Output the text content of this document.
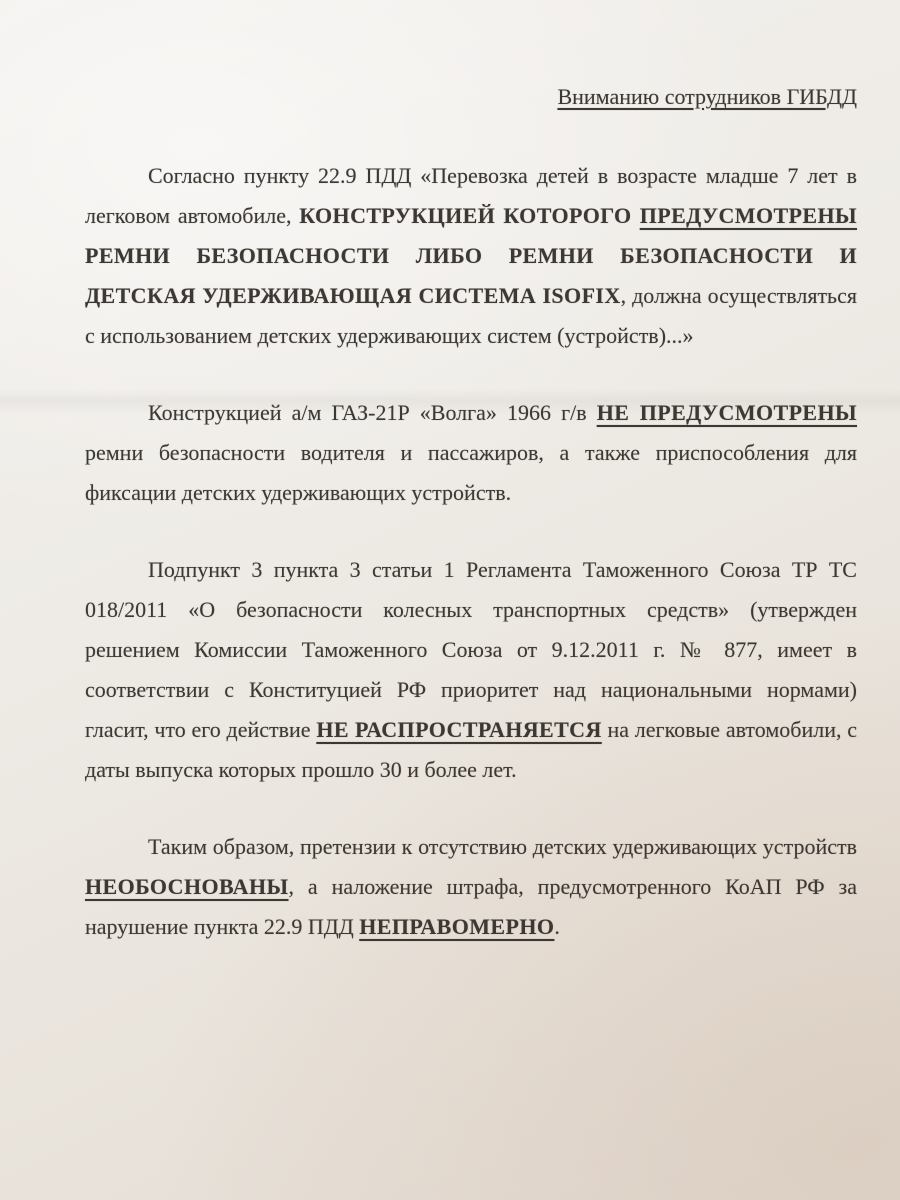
Вниманию сотрудников ГИБДД

Согласно пункту 22.9 ПДД «Перевозка детей в возрасте младше 7 лет в легковом автомобиле, КОНСТРУКЦИЕЙ КОТОРОГО ПРЕДУСМОТРЕНЫ РЕМНИ БЕЗОПАСНОСТИ ЛИБО РЕМНИ БЕЗОПАСНОСТИ И ДЕТСКАЯ УДЕРЖИВАЮЩАЯ СИСТЕМА ISOFIX, должна осуществляться с использованием детских удерживающих систем (устройств)...»

Конструкцией а/м ГАЗ-21Р «Волга» 1966 г/в НЕ ПРЕДУСМОТРЕНЫ ремни безопасности водителя и пассажиров, а также приспособления для фиксации детских удерживающих устройств.

Подпункт 3 пункта 3 статьи 1 Регламента Таможенного Союза ТР ТС 018/2011 «О безопасности колесных транспортных средств» (утвержден решением Комиссии Таможенного Союза от 9.12.2011 г. № 877, имеет в соответствии с Конституцией РФ приоритет над национальными нормами) гласит, что его действие НЕ РАСПРОСТРАНЯЕТСЯ на легковые автомобили, с даты выпуска которых прошло 30 и более лет.

Таким образом, претензии к отсутствию детских удерживающих устройств НЕОБОСНОВАНЫ, а наложение штрафа, предусмотренного КоАП РФ за нарушение пункта 22.9 ПДД НЕПРАВОМЕРНО.
